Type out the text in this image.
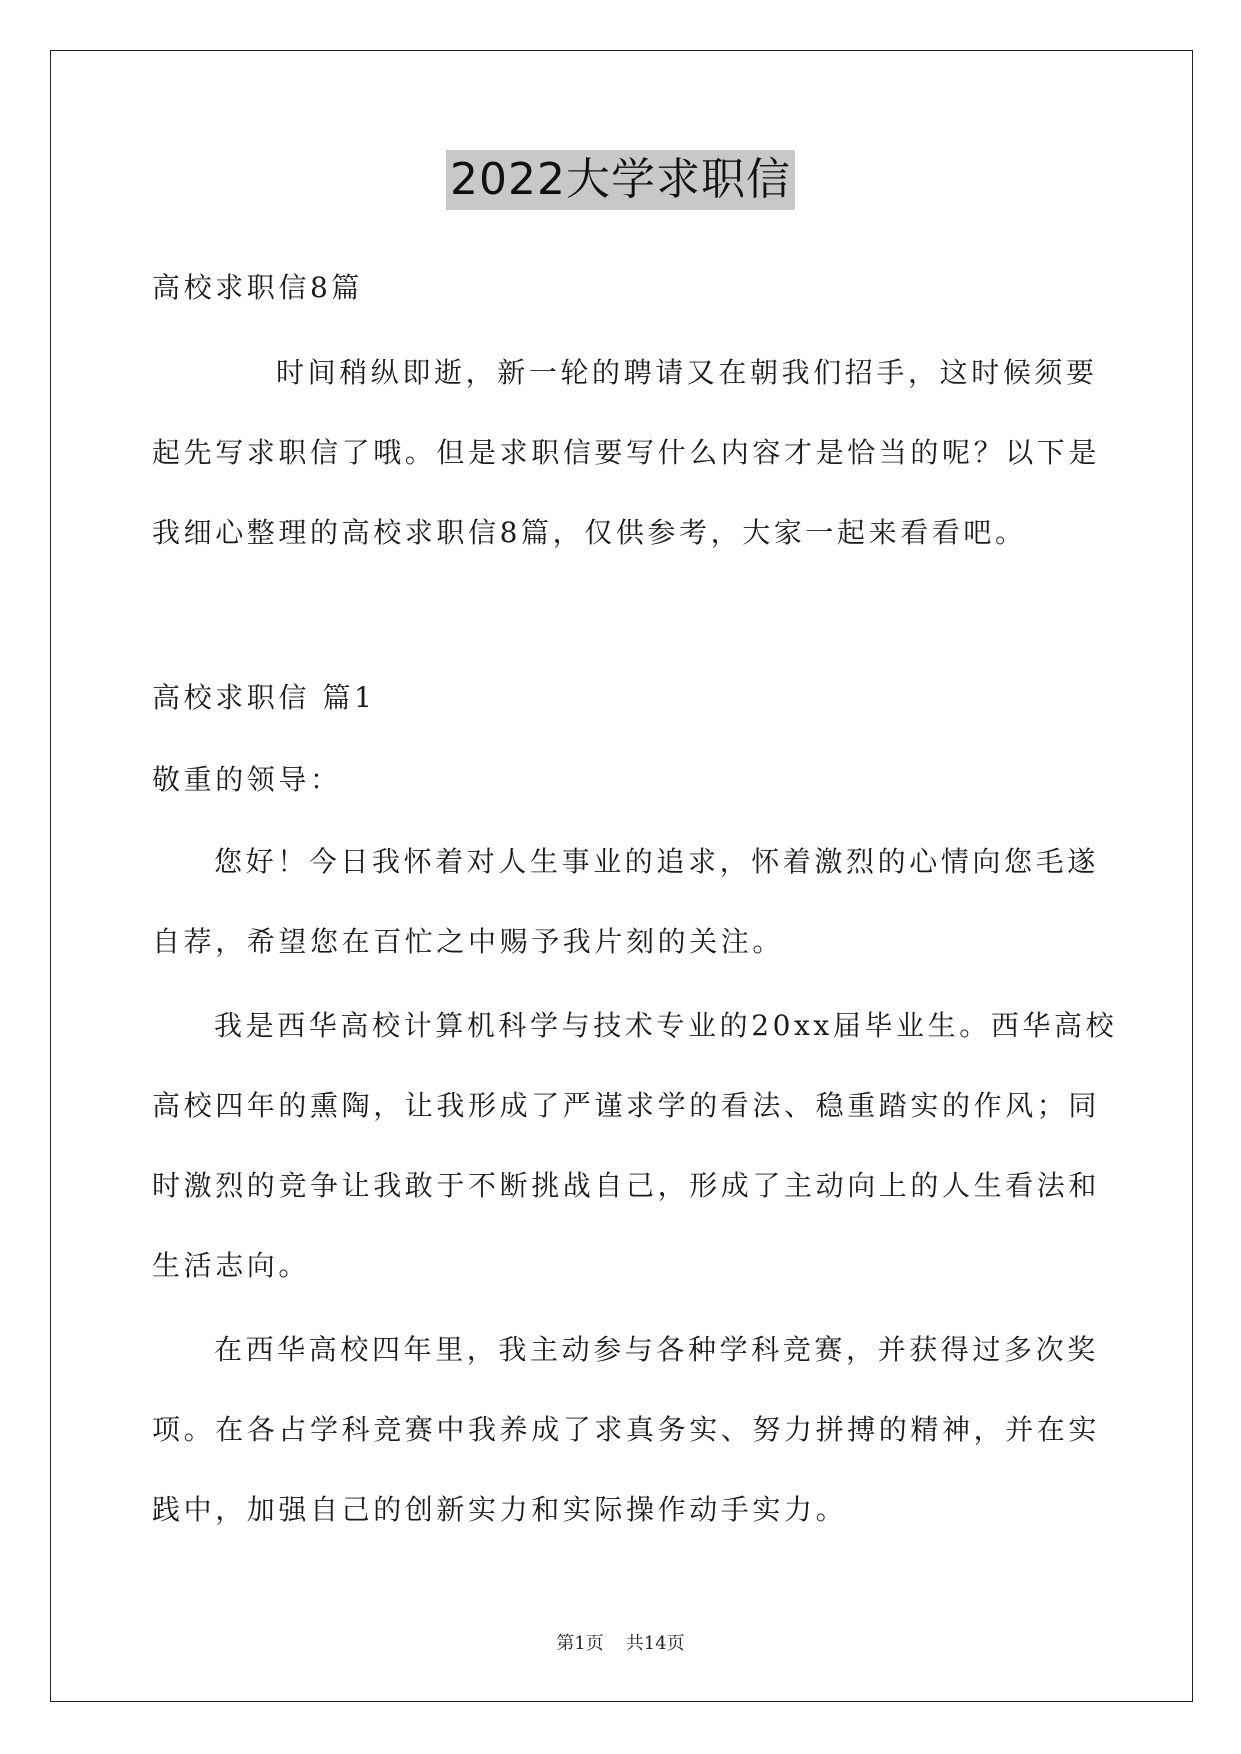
2022大学求职信
高校求职信8篇
时间稍纵即逝，新一轮的聘请又在朝我们招手，这时候须要
起先写求职信了哦。但是求职信要写什么内容才是恰当的呢？以下是
我细心整理的高校求职信8篇，仅供参考，大家一起来看看吧。
高校求职信 篇1
敬重的领导：
您好！今日我怀着对人生事业的追求，怀着激烈的心情向您毛遂
自荐，希望您在百忙之中赐予我片刻的关注。
我是西华高校计算机科学与技术专业的20xx届毕业生。西华高校
高校四年的熏陶，让我形成了严谨求学的看法、稳重踏实的作风；同
时激烈的竞争让我敢于不断挑战自己，形成了主动向上的人生看法和
生活志向。
在西华高校四年里，我主动参与各种学科竞赛，并获得过多次奖
项。在各占学科竞赛中我养成了求真务实、努力拼搏的精神，并在实
践中，加强自己的创新实力和实际操作动手实力。
第1页 共14页
